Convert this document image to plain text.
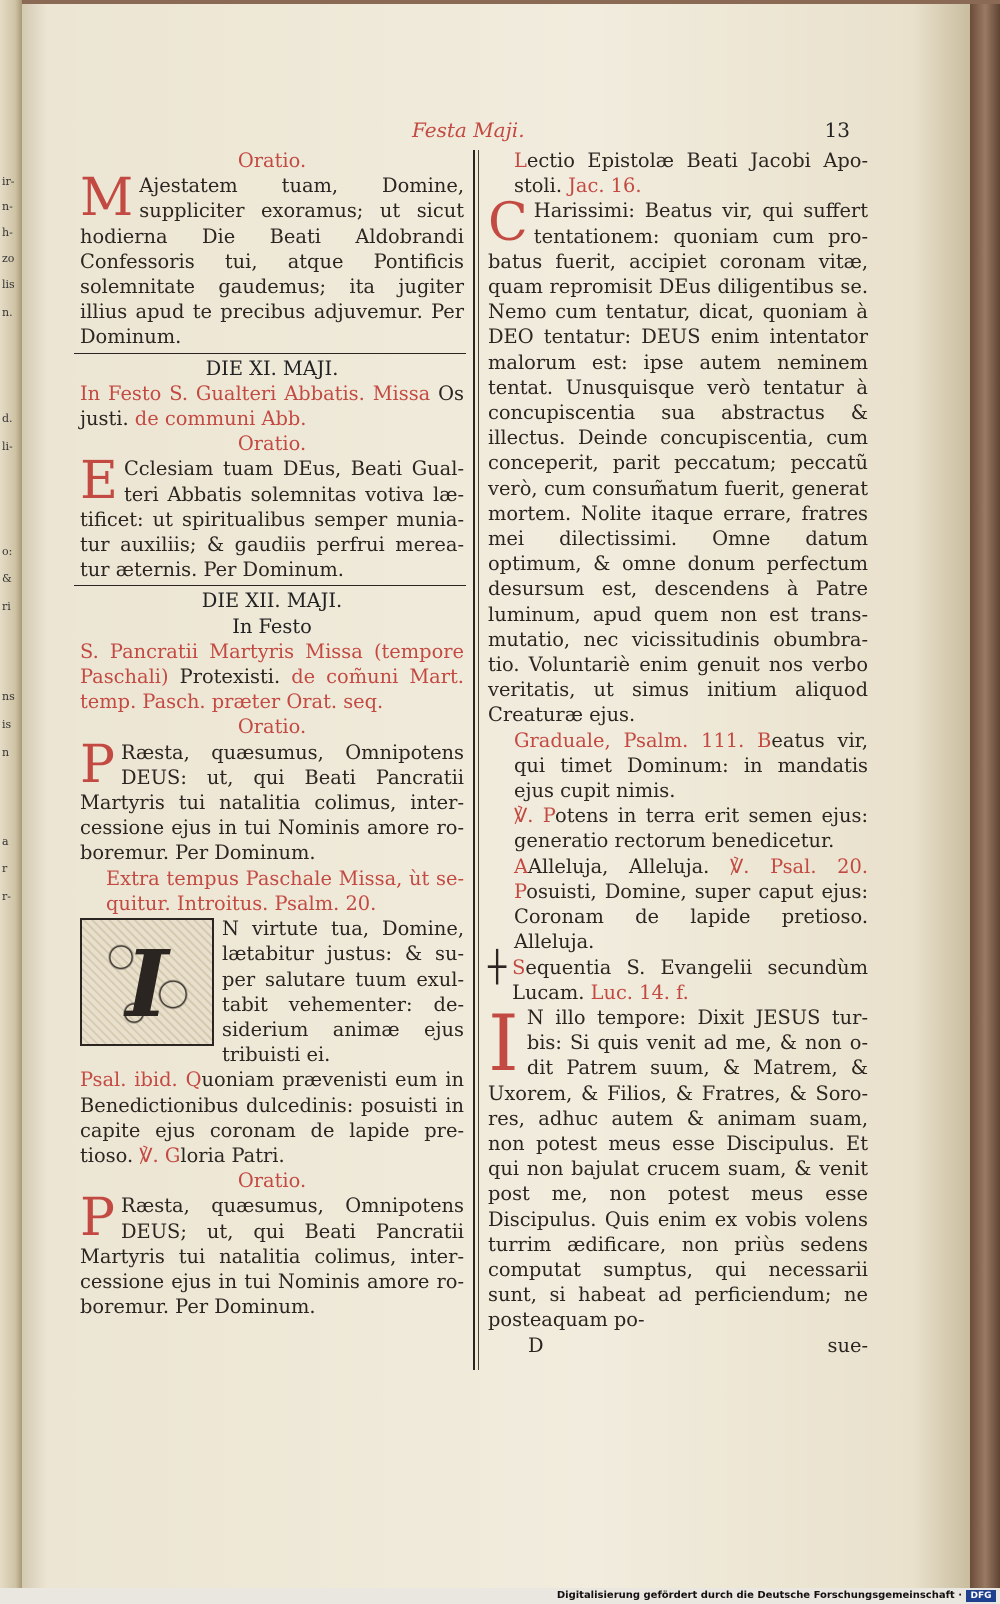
ir-
n-
h-
zo
lis
n.
d.
li-
o:
&
ri
ns
is
n
a
r
r-
Festa Maji.	13
Oratio.

M Ajestatem tuam, Domine, suppliciter exoramus; ut sicut hodierna Die Beati Aldobrandi Confessoris tui, atque Pontificis solemnitate gaudemus; ita jugiter illius apud te precibus adjuvemur. Per Dominum.

DIE XI. MAJI.

In Festo S. Gualteri Abbatis. Missa Os justi. de communi Abb.

Oratio.

E Cclesiam tuam DEus, Beati Gualteri Abbatis solemnitas votiva lætificet: ut spiritualibus semper muniatur auxiliis; & gaudiis perfrui mereatur æternis. Per Dominum.

DIE XII. MAJI.
In Festo

S. Pancratii Martyris Missa (tempore Paschali) Protexisti. de com̃uni Mart. temp. Pasch. præter Orat. seq.

Oratio.

P Ræsta, quæsumus, Omnipotens DEUS: ut, qui Beati Pancratii Martyris tui natalitia colimus, intercessione ejus in tui Nominis amore roboremur. Per Dominum.

Extra tempus Paschale Missa, ùt sequitur. Introitus. Psalm. 20.

I
N virtute tua, Domine, lætabitur justus: & super salutare tuum exultabit vehementer: desiderium animæ ejus tribuisti ei.

Psal. ibid. Quoniam prævenisti eum in Benedictionibus dulcedinis: posuisti in capite ejus coronam de lapide pretioso. ℣. Gloria Patri.

Oratio.

P Ræsta, quæsumus, Omnipotens DEUS; ut, qui Beati Pancratii Martyris tui natalitia colimus, intercessione ejus in tui Nominis amore roboremur. Per Dominum.

Lectio Epistolæ Beati Jacobi Apostoli. Jac. 16.

C Harissimi: Beatus vir, qui suffert tentationem: quoniam cum probatus fuerit, accipiet coronam vitæ, quam repromisit DEus diligentibus se. Nemo cum tentatur, dicat, quoniam à DEO tentatur: DEUS enim intentator malorum est: ipse autem neminem tentat. Unusquisque verò tentatur à concupiscentia sua abstractus & illectus. Deinde concupiscentia, cum conceperit, parit peccatum; peccatũ verò, cum consum̃atum fuerit, generat mortem. Nolite itaque errare, fratres mei dilectissimi. Omne datum optimum, & omne donum perfectum desursum est, descendens à Patre luminum, apud quem non est transmutatio, nec vicissitudinis obumbratio. Voluntariè enim genuit nos verbo veritatis, ut simus initium aliquod Creaturæ ejus.

Graduale, Psalm. 111. Beatus vir, qui timet Dominum: in mandatis ejus cupit nimis.

℣. Potens in terra erit semen ejus: generatio rectorum benedicetur.

AAlleluja, Alleluja. ℣. Psal. 20. Posuisti, Domine, super caput ejus: Coronam de lapide pretioso. Alleluja.

┼ Sequentia S. Evangelii secundùm Lucam. Luc. 14. f.

I N illo tempore: Dixit JESUS turbis: Si quis venit ad me, & non odit Patrem suum, & Matrem, & Uxorem, & Filios, & Fratres, & Sorores, adhuc autem & animam suam, non potest meus esse Discipulus. Et qui non bajulat crucem suam, & venit post me, non potest meus esse Discipulus. Quis enim ex vobis volens turrim ædificare, non priùs sedens computat sumptus, qui necessarii sunt, si habeat ad perficiendum; ne posteaquam po-

D	sue-
Digitalisierung gefördert durch die Deutsche Forschungsgemeinschaft · DFG
